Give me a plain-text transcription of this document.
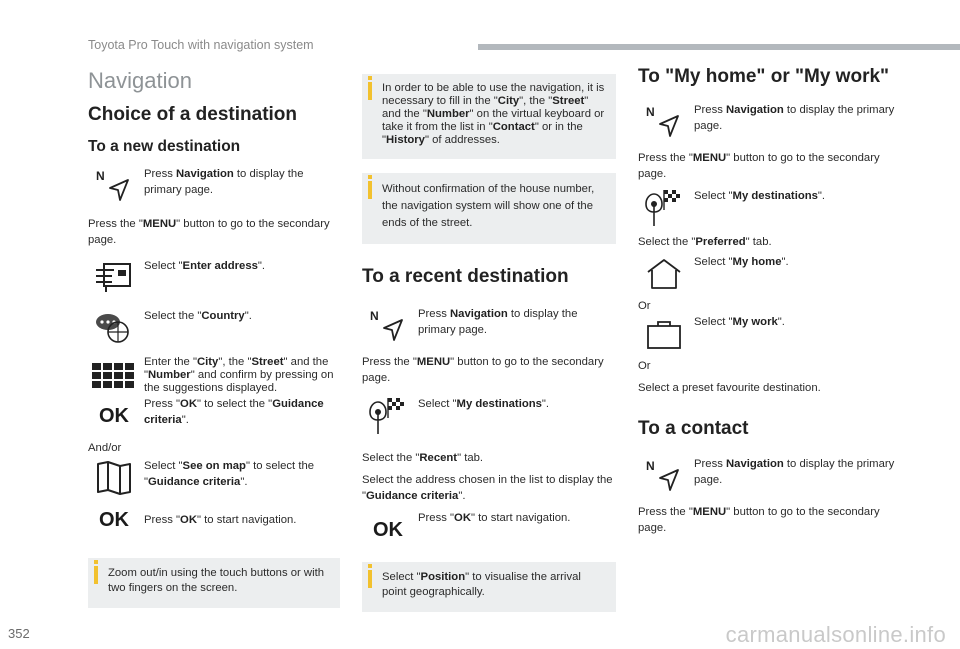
Toyota Pro Touch with navigation system
Navigation
Choice of a destination
To a new destination
N	Press Navigation to display the primary page.
Press the "MENU" button to go to the secondary page.
Select "Enter address".
Select the "Country".
Enter the "City", the "Street" and the "Number" and confirm by pressing on the suggestions displayed.
OK
Press "OK" to select the "Guidance criteria".
And/or
Select "See on map" to select the "Guidance criteria".
OK	Press "OK" to start navigation.
Zoom out/in using the touch buttons or with two fingers on the screen.
In order to be able to use the navigation, it is necessary to fill in the "City", the "Street" and the "Number" on the virtual keyboard or take it from the list in "Contact" or in the "History" of addresses.
Without confirmation of the house number, the navigation system will show one of the ends of the street.
To a recent destination
N	Press Navigation to display the primary page.
Press the "MENU" button to go to the secondary page.
Select "My destinations".
Select the "Recent" tab.
Select the address chosen in the list to display the "Guidance criteria".
OK
Press "OK" to start navigation.
Select "Position" to visualise the arrival point geographically.
To "My home" or "My work"
N	Press Navigation to display the primary page.
Press the "MENU" button to go to the secondary page.
Select "My destinations".
Select the "Preferred" tab.
Select "My home".
Or
Select "My work".
Or
Select a preset favourite destination.
To a contact
N	Press Navigation to display the primary page.
Press the "MENU" button to go to the secondary page.
352	carmanualsonline.info
